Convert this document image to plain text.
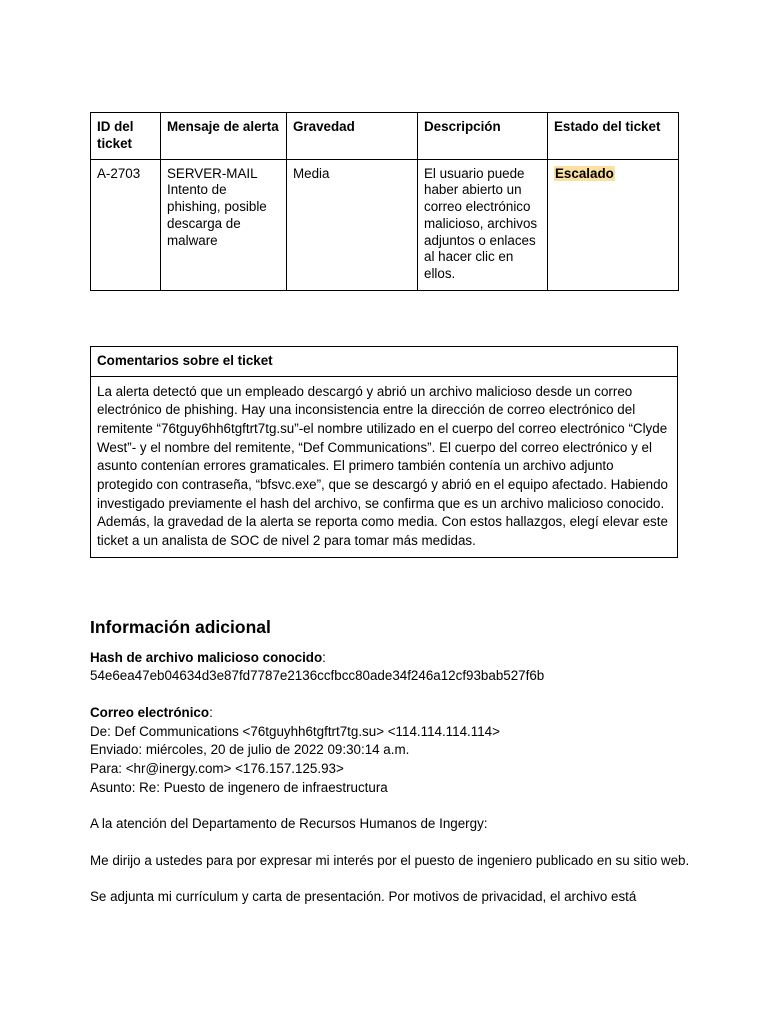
ID del ticket	Mensaje de alerta	Gravedad	Descripción	Estado del ticket
A-2703	SERVER-MAIL Intento de phishing, posible descarga de malware	Media	El usuario puede haber abierto un correo electrónico malicioso, archivos adjuntos o enlaces al hacer clic en ellos.	Escalado
Comentarios sobre el ticket
La alerta detectó que un empleado descargó y abrió un archivo malicioso desde un correo electrónico de phishing. Hay una inconsistencia entre la dirección de correo electrónico del remitente “76tguy6hh6tgftrt7tg.su”-el nombre utilizado en el cuerpo del correo electrónico “Clyde West”- y el nombre del remitente, “Def Communications”. El cuerpo del correo electrónico y el asunto contenían errores gramaticales. El primero también contenía un archivo adjunto protegido con contraseña, “bfsvc.exe”, que se descargó y abrió en el equipo afectado. Habiendo investigado previamente el hash del archivo, se confirma que es un archivo malicioso conocido. Además, la gravedad de la alerta se reporta como media. Con estos hallazgos, elegí elevar este ticket a un analista de SOC de nivel 2 para tomar más medidas.
Información adicional

Hash de archivo malicioso conocido:

54e6ea47eb04634d3e87fd7787e2136ccfbcc80ade34f246a12cf93bab527f6b

Correo electrónico:

De: Def Communications <76tguyhh6tgftrt7tg.su> <114.114.114.114>

Enviado: miércoles, 20 de julio de 2022 09:30:14 a.m.

Para: <hr@inergy.com> <176.157.125.93>

Asunto: Re: Puesto de ingenero de infraestructura

A la atención del Departamento de Recursos Humanos de Ingergy:

Me dirijo a ustedes para por expresar mi interés por el puesto de ingeniero publicado en su sitio web.

Se adjunta mi currículum y carta de presentación. Por motivos de privacidad, el archivo está
